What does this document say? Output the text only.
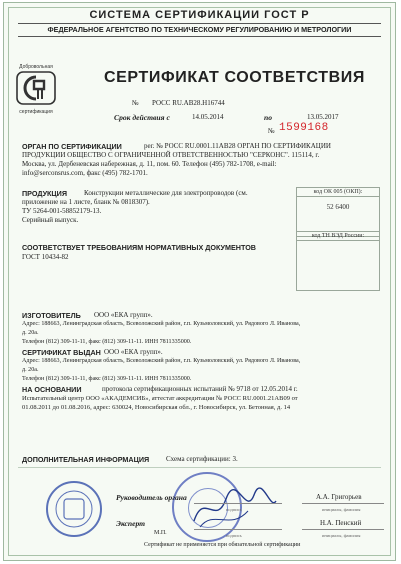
СИСТЕМА СЕРТИФИКАЦИИ ГОСТ Р
ФЕДЕРАЛЬНОЕ АГЕНТСТВО ПО ТЕХНИЧЕСКОМУ РЕГУЛИРОВАНИЮ И МЕТРОЛОГИИ
Добровольная
сертификация
СЕРТИФИКАТ СООТВЕТСТВИЯ
№ РОСС RU.АВ28.Н16744
Срок действия с	14.05.2014	по	13.05.2017
№ 1599168
ОРГАН ПО СЕРТИФИКАЦИИ	рег. № РОСС RU.0001.11АВ28 ОРГАН ПО СЕРТИФИКАЦИИ
ПРОДУКЦИИ ОБЩЕСТВО С ОГРАНИЧЕННОЙ ОТВЕТСТВЕННОСТЬЮ "СЕРКОНС". 115114, г.
Москва, ул. Дербеневская набережная, д. 11, пом. 60. Телефон (495) 782-1708, e-mail:
info@serconsrus.com, факс (495) 782-1701.
ПРОДУКЦИЯ Конструкции металлические для электропроводов (см.
приложение на 1 листе, бланк № 0818307).
ТУ 5264-001-58852179-13.
Серийный выпуск.
код ОК 005 (ОКП):
52 6400
СООТВЕТСТВУЕТ ТРЕБОВАНИЯМ НОРМАТИВНЫХ ДОКУМЕНТОВ
ГОСТ 10434-82
код ТН ВЭД России:
ИЗГОТОВИТЕЛЬ ООО «ЕКА групп».
Адрес: 188663, Ленинградская область, Всеволожский район, г.п. Кузьмоловский, ул. Рядового Л. Иванова,
д. 20а.
Телефон (812) 309-11-11, факс (812) 309-11-11. ИНН 7811335000.
СЕРТИФИКАТ ВЫДАН ООО «ЕКА групп».
Адрес: 188663, Ленинградская область, Всеволожский район, г.п. Кузьмоловский, ул. Рядового Л. Иванова,
д. 20а.
Телефон (812) 309-11-11, факс (812) 309-11-11. ИНН 7811335000.
НА ОСНОВАНИИ	протокола сертификационных испытаний № 9718 от 12.05.2014 г.
Испытательный центр ООО «АКАДЕМСИБ», аттестат аккредитации № РОСС RU.0001.21АВ09 от
01.08.2011 до 01.08.2016, адрес: 630024, Новосибирская обл., г. Новосибирск, ул. Бетонная, д. 14
ДОПОЛНИТЕЛЬНАЯ ИНФОРМАЦИЯ Схема сертификации: 3.
М.П.
Руководитель органа	А.А. Григорьев
подпись	инициалы, фамилия
Эксперт	Н.А. Пенский
подпись	инициалы, фамилия
Сертификат не применяется при обязательной сертификации
